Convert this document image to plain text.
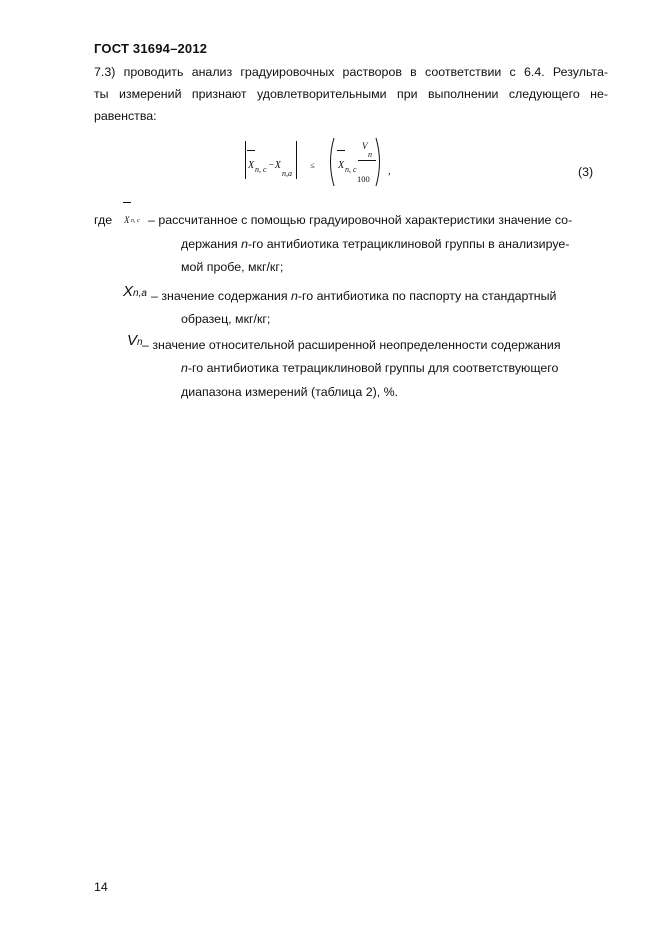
ГОСТ 31694–2012
7.3) проводить анализ градуировочных растворов в соответствии с 6.4. Результа-
ты измерений признают удовлетворительными при выполнении следующего не-
равенства:
X n, c −X
n,a
≤ X n, c
V
n
100
,	(3)
где X n, c – рассчитанное с помощью градуировочной характеристики значение со-
держания n-го антибиотика тетрациклиновой группы в анализируе-
мой пробе, мкг/кг;
Xn,а – значение содержания n-го антибиотика по паспорту на стандартный
образец, мкг/кг;
Vn – значение относительной расширенной неопределенности содержания
n-го антибиотика тетрациклиновой группы для соответствующего
диапазона измерений (таблица 2), %.
14
